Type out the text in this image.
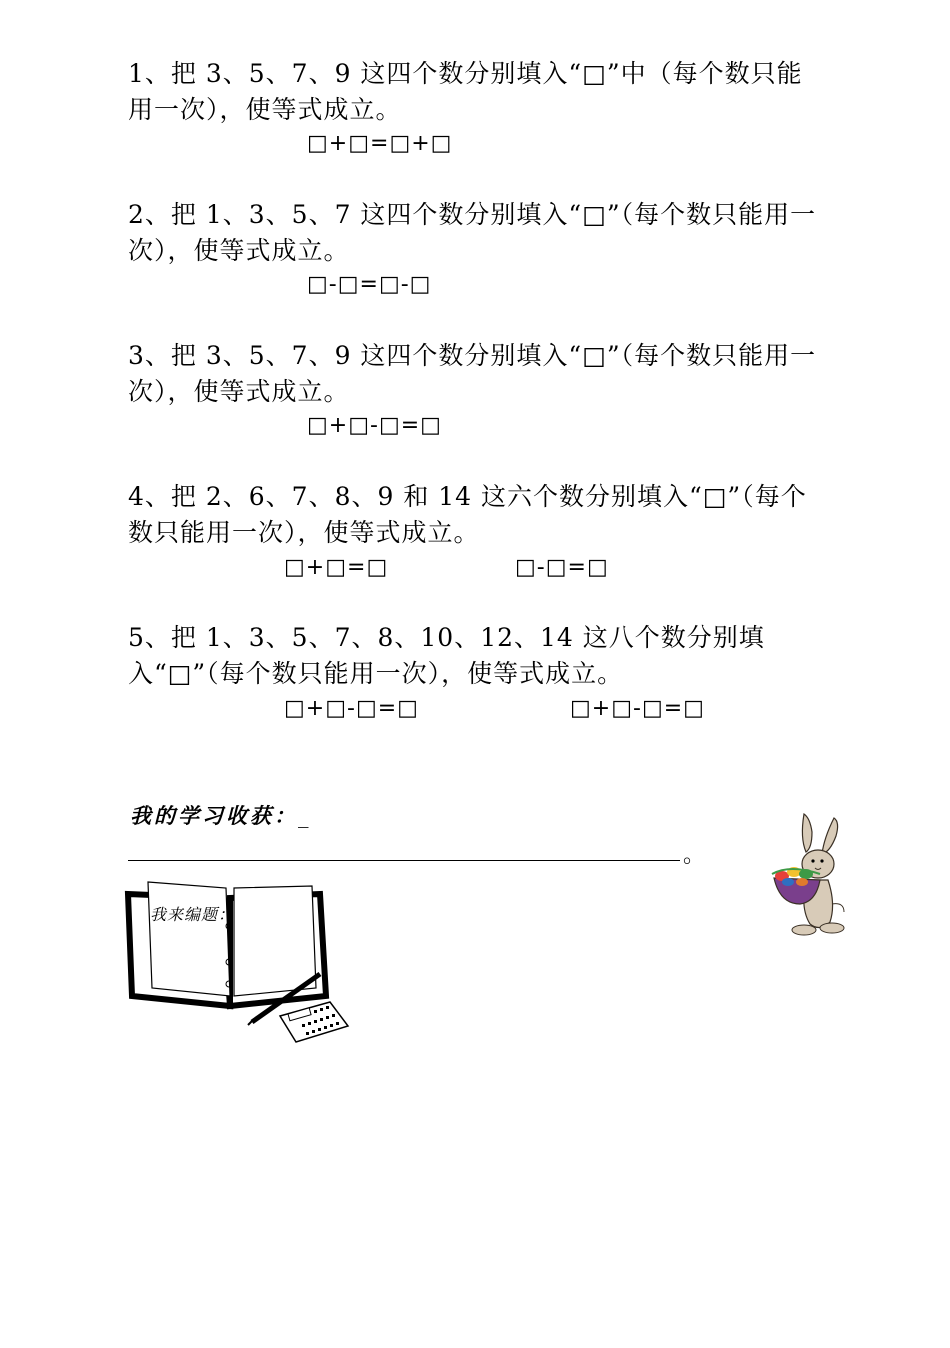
1、把 3、5、7、9 这四个数分别填入“□”中（每个数只能用一次），使等式成立。

□+□=□+□

2、把 1、3、5、7 这四个数分别填入“□”（每个数只能用一次），使等式成立。

□-□=□-□

3、把 3、5、7、9 这四个数分别填入“□”（每个数只能用一次），使等式成立。

□+□-□=□

4、把 2、6、7、8、9 和 14 这六个数分别填入“□”（每个数只能用一次），使等式成立。

□+□=□	□-□=□

5、把 1、3、5、7、8、10、12、14 这八个数分别填入“□”（每个数只能用一次），使等式成立。

□+□-□=□	□+□-□=□
我的学习收获：_
。
我来编题：
